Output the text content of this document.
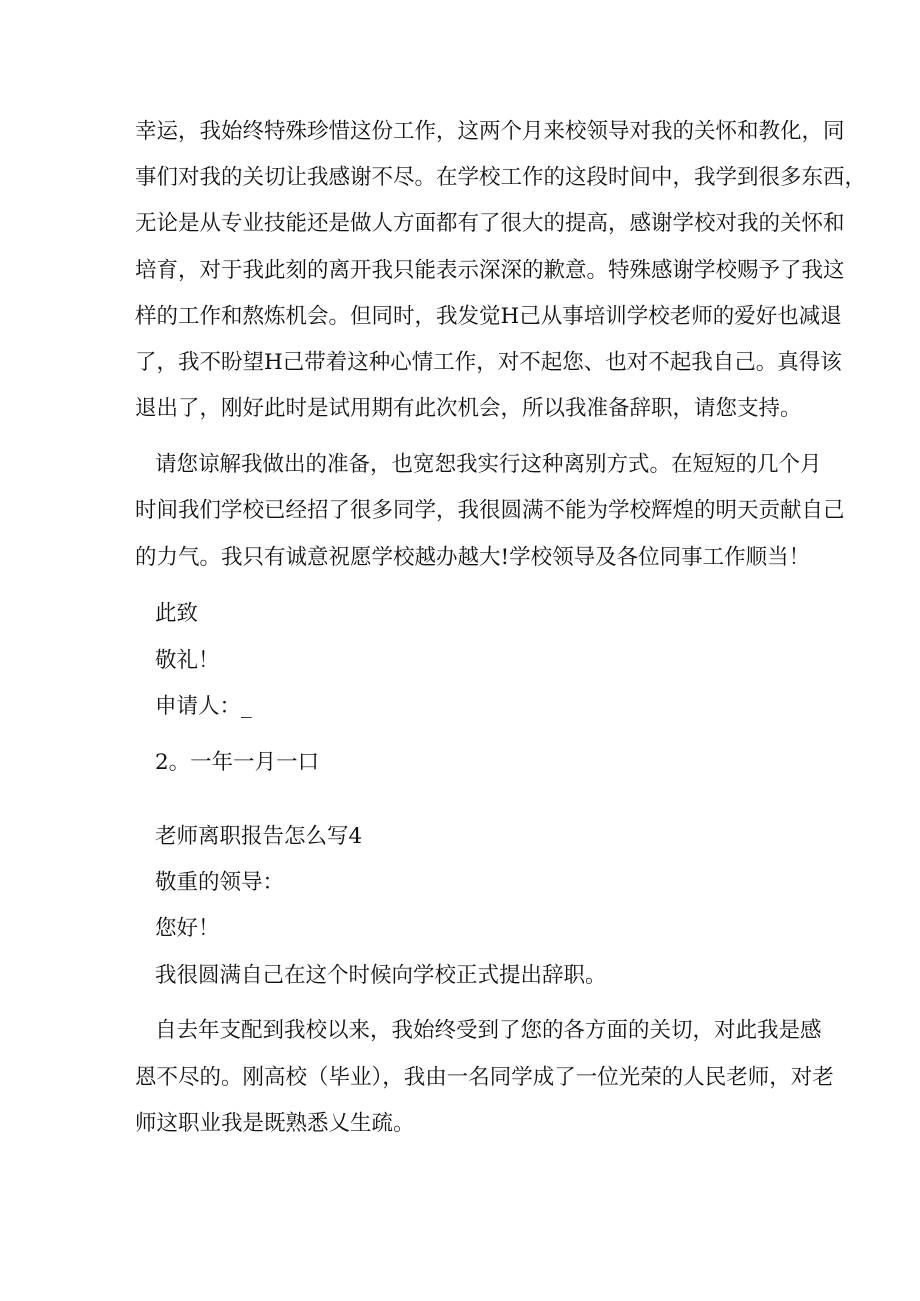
幸运，我始终特殊珍惜这份工作，这两个月来校领导对我的关怀和教化，同
事们对我的关切让我感谢不尽。在学校工作的这段时间中，我学到很多东西，
无论是从专业技能还是做人方面都有了很大的提高，感谢学校对我的关怀和
培育，对于我此刻的离开我只能表示深深的歉意。特殊感谢学校赐予了我这
样的工作和熬炼机会。但同时，我发觉H己从事培训学校老师的爱好也减退
了，我不盼望H己带着这种心情工作，对不起您、也对不起我自己。真得该
退出了，刚好此时是试用期有此次机会，所以我准备辞职，请您支持。
请您谅解我做出的准备，也宽恕我实行这种离别方式。在短短的几个月
时间我们学校已经招了很多同学，我很圆满不能为学校辉煌的明天贡献自己
的力气。我只有诚意祝愿学校越办越大!学校领导及各位同事工作顺当！
此致
敬礼！
申请人：_
2。一年一月一口
老师离职报告怎么写4
敬重的领导：
您好！
我很圆满自己在这个时候向学校正式提出辞职。
自去年支配到我校以来，我始终受到了您的各方面的关切，对此我是感
恩不尽的。刚高校（毕业），我由一名同学成了一位光荣的人民老师，对老
师这职业我是既熟悉乂生疏。
